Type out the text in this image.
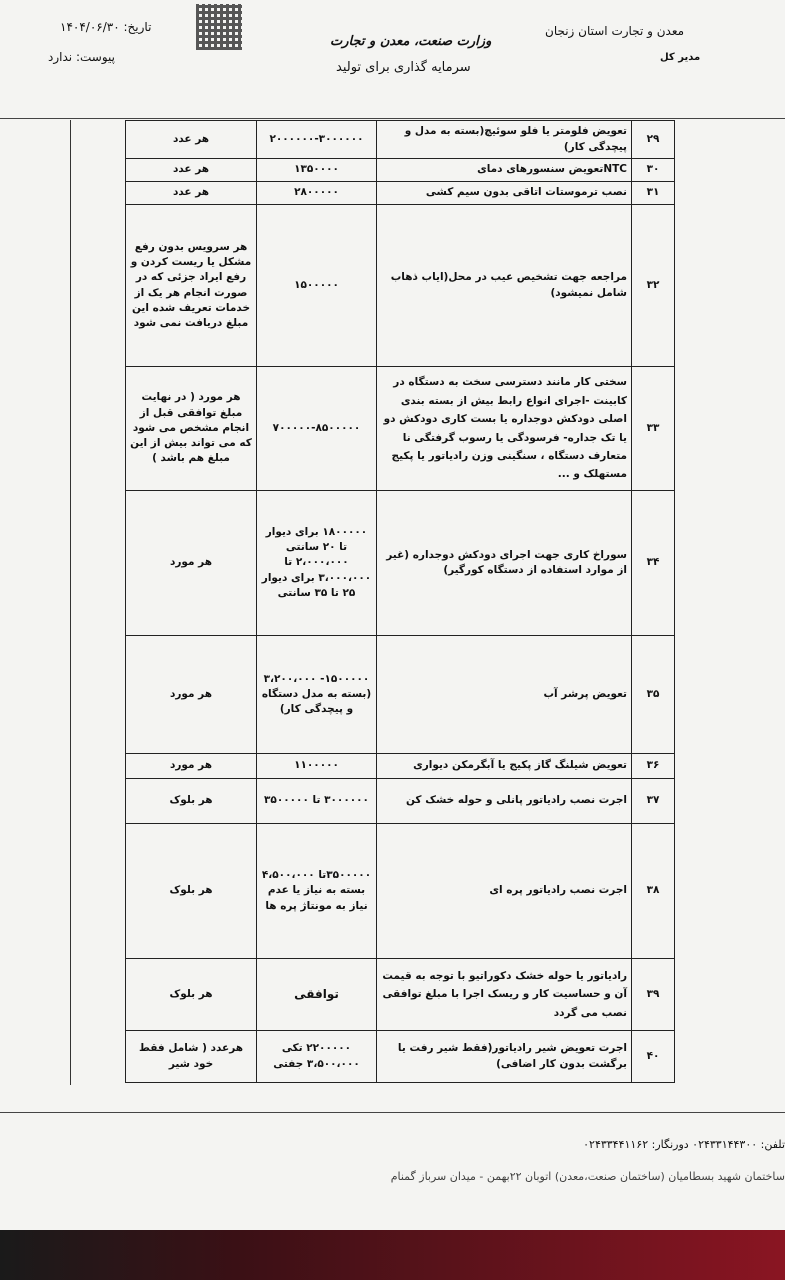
تاریخ: ۱۴۰۴/۰۶/۳۰
پیوست: ندارد
وزارت صنعت، معدن و تجارت
سرمایه گذاری برای تولید
معدن و تجارت استان زنجان
مدیر کل
۲۹	تعویض فلومتر یا فلو سوئیچ(بسته به مدل و پیچدگی کار)	۲۰۰۰۰۰۰-۳۰۰۰۰۰۰	هر عدد
۳۰	NTCتعویض سنسورهای دمای	۱۳۵۰۰۰۰	هر عدد
۳۱	نصب ترموستات اتاقی بدون سیم کشی	۲۸۰۰۰۰۰	هر عدد
۳۲	مراجعه جهت تشخیص عیب در محل(ایاب ذهاب شامل نمیشود)	۱۵۰۰۰۰۰	هر سرویس بدون رفع مشکل یا ریست کردن و رفع ایراد جزئی که در صورت انجام هر یک از خدمات تعریف شده این مبلغ دریافت نمی شود
۳۳	سختی کار مانند دسترسی سخت به دستگاه در کابینت -اجرای انواع رابط بیش از بسته بندی اصلی دودکش دوجداره یا بست کاری دودکش دو یا تک جداره- فرسودگی یا رسوب گرفتگی نا متعارف دستگاه ، سنگینی وزن رادیاتور یا پکیج مستهلک و ...	۷۰۰۰۰۰-۸۵۰۰۰۰۰	هر مورد ( در نهایت مبلغ توافقی قبل از انجام مشخص می شود که می تواند بیش از این مبلغ هم باشد )
۳۴	سوراخ کاری جهت اجرای دودکش دوجداره (غیر از موارد استفاده از دستگاه کورگیر)	۱۸۰۰۰۰۰ برای دیوار تا ۲۰ سانتی ۲،۰۰۰،۰۰۰ تا ۳،۰۰۰،۰۰۰ برای دیوار ۲۵ تا ۳۵ سانتی	هر مورد
۳۵	تعویض پرشر آب	۱۵۰۰۰۰۰- ۳،۲۰۰،۰۰۰ (بسته به مدل دستگاه و پیچدگی کار)	هر مورد
۳۶	تعویض شیلنگ گاز پکیج یا آبگرمکن دیواری	۱۱۰۰۰۰۰	هر مورد
۳۷	اجرت نصب رادیاتور پانلی و حوله خشک کن	۳۰۰۰۰۰۰ تا ۳۵۰۰۰۰۰	هر بلوک
۳۸	اجرت نصب رادیاتور پره ای	۳۵۰۰۰۰۰تا ۴،۵۰۰،۰۰۰ بسته به نیاز یا عدم نیاز به مونتاژ پره ها	هر بلوک
۳۹	رادیاتور یا حوله خشک دکوراتیو با توجه به قیمت آن و حساسیت کار و ریسک اجرا با مبلغ توافقی نصب می گردد	توافقی	هر بلوک
۴۰	اجرت تعویض شیر رادیاتور(فقط شیر رفت یا برگشت بدون کار اضافی)	۲۲۰۰۰۰۰ تکی ۳،۵۰۰،۰۰۰ جفتی	هرعدد ( شامل فقط خود شیر
تلفن: ۰۲۴۳۳۱۴۴۳۰۰ دورنگار: ۰۲۴۳۳۴۴۱۱۶۲
ساختمان شهید بسطامیان (ساختمان صنعت،معدن) اتوبان ۲۲بهمن - میدان سرباز گمنام
